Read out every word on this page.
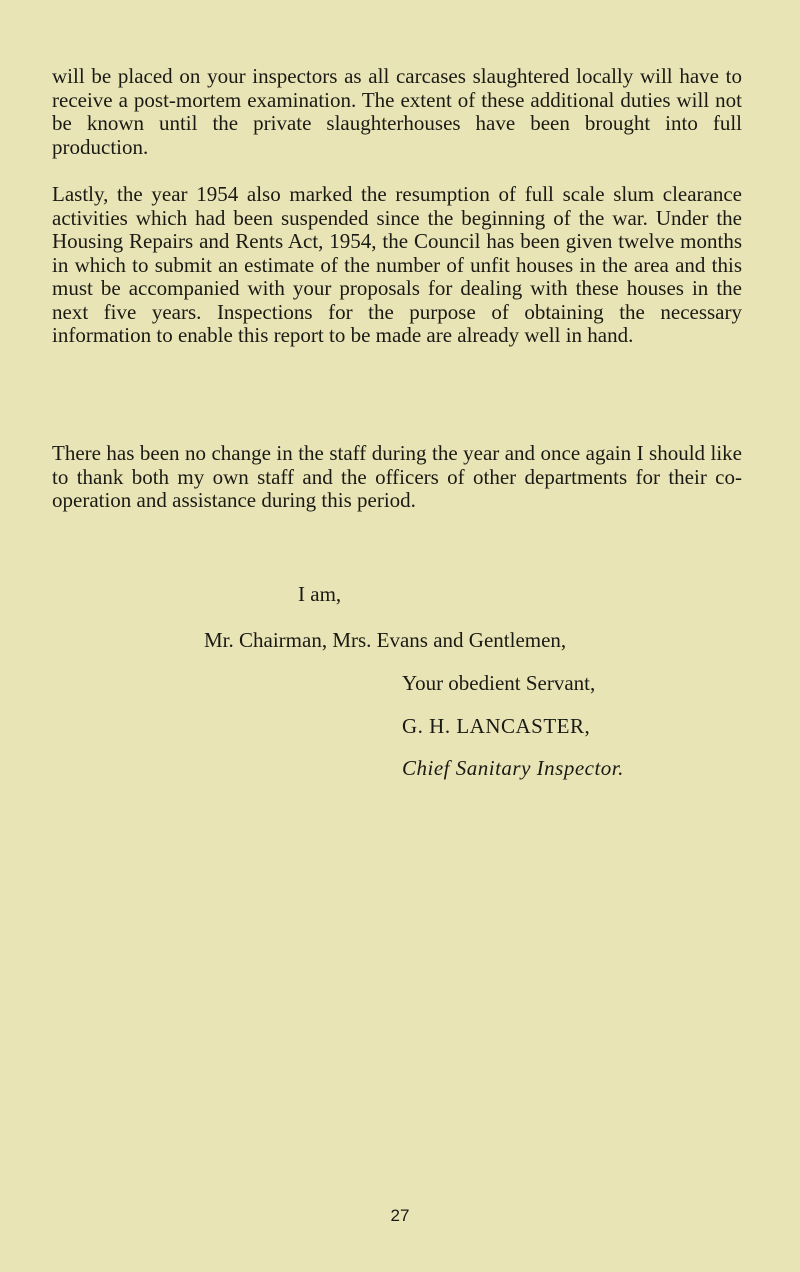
will be placed on your inspectors as all carcases slaughtered locally will have to receive a post-mortem examination. The extent of these additional duties will not be known until the private slaughterhouses have been brought into full production.

Lastly, the year 1954 also marked the resumption of full scale slum clearance activities which had been suspended since the beginning of the war. Under the Housing Repairs and Rents Act, 1954, the Council has been given twelve months in which to submit an estimate of the number of unfit houses in the area and this must be accompanied with your proposals for dealing with these houses in the next five years. Inspections for the purpose of obtaining the necessary information to enable this report to be made are already well in hand.

There has been no change in the staff during the year and once again I should like to thank both my own staff and the officers of other departments for their co-operation and assistance during this period.

I am,

Mr. Chairman, Mrs. Evans and Gentlemen,

Your obedient Servant,

G. H. LANCASTER,

Chief Sanitary Inspector.

27
